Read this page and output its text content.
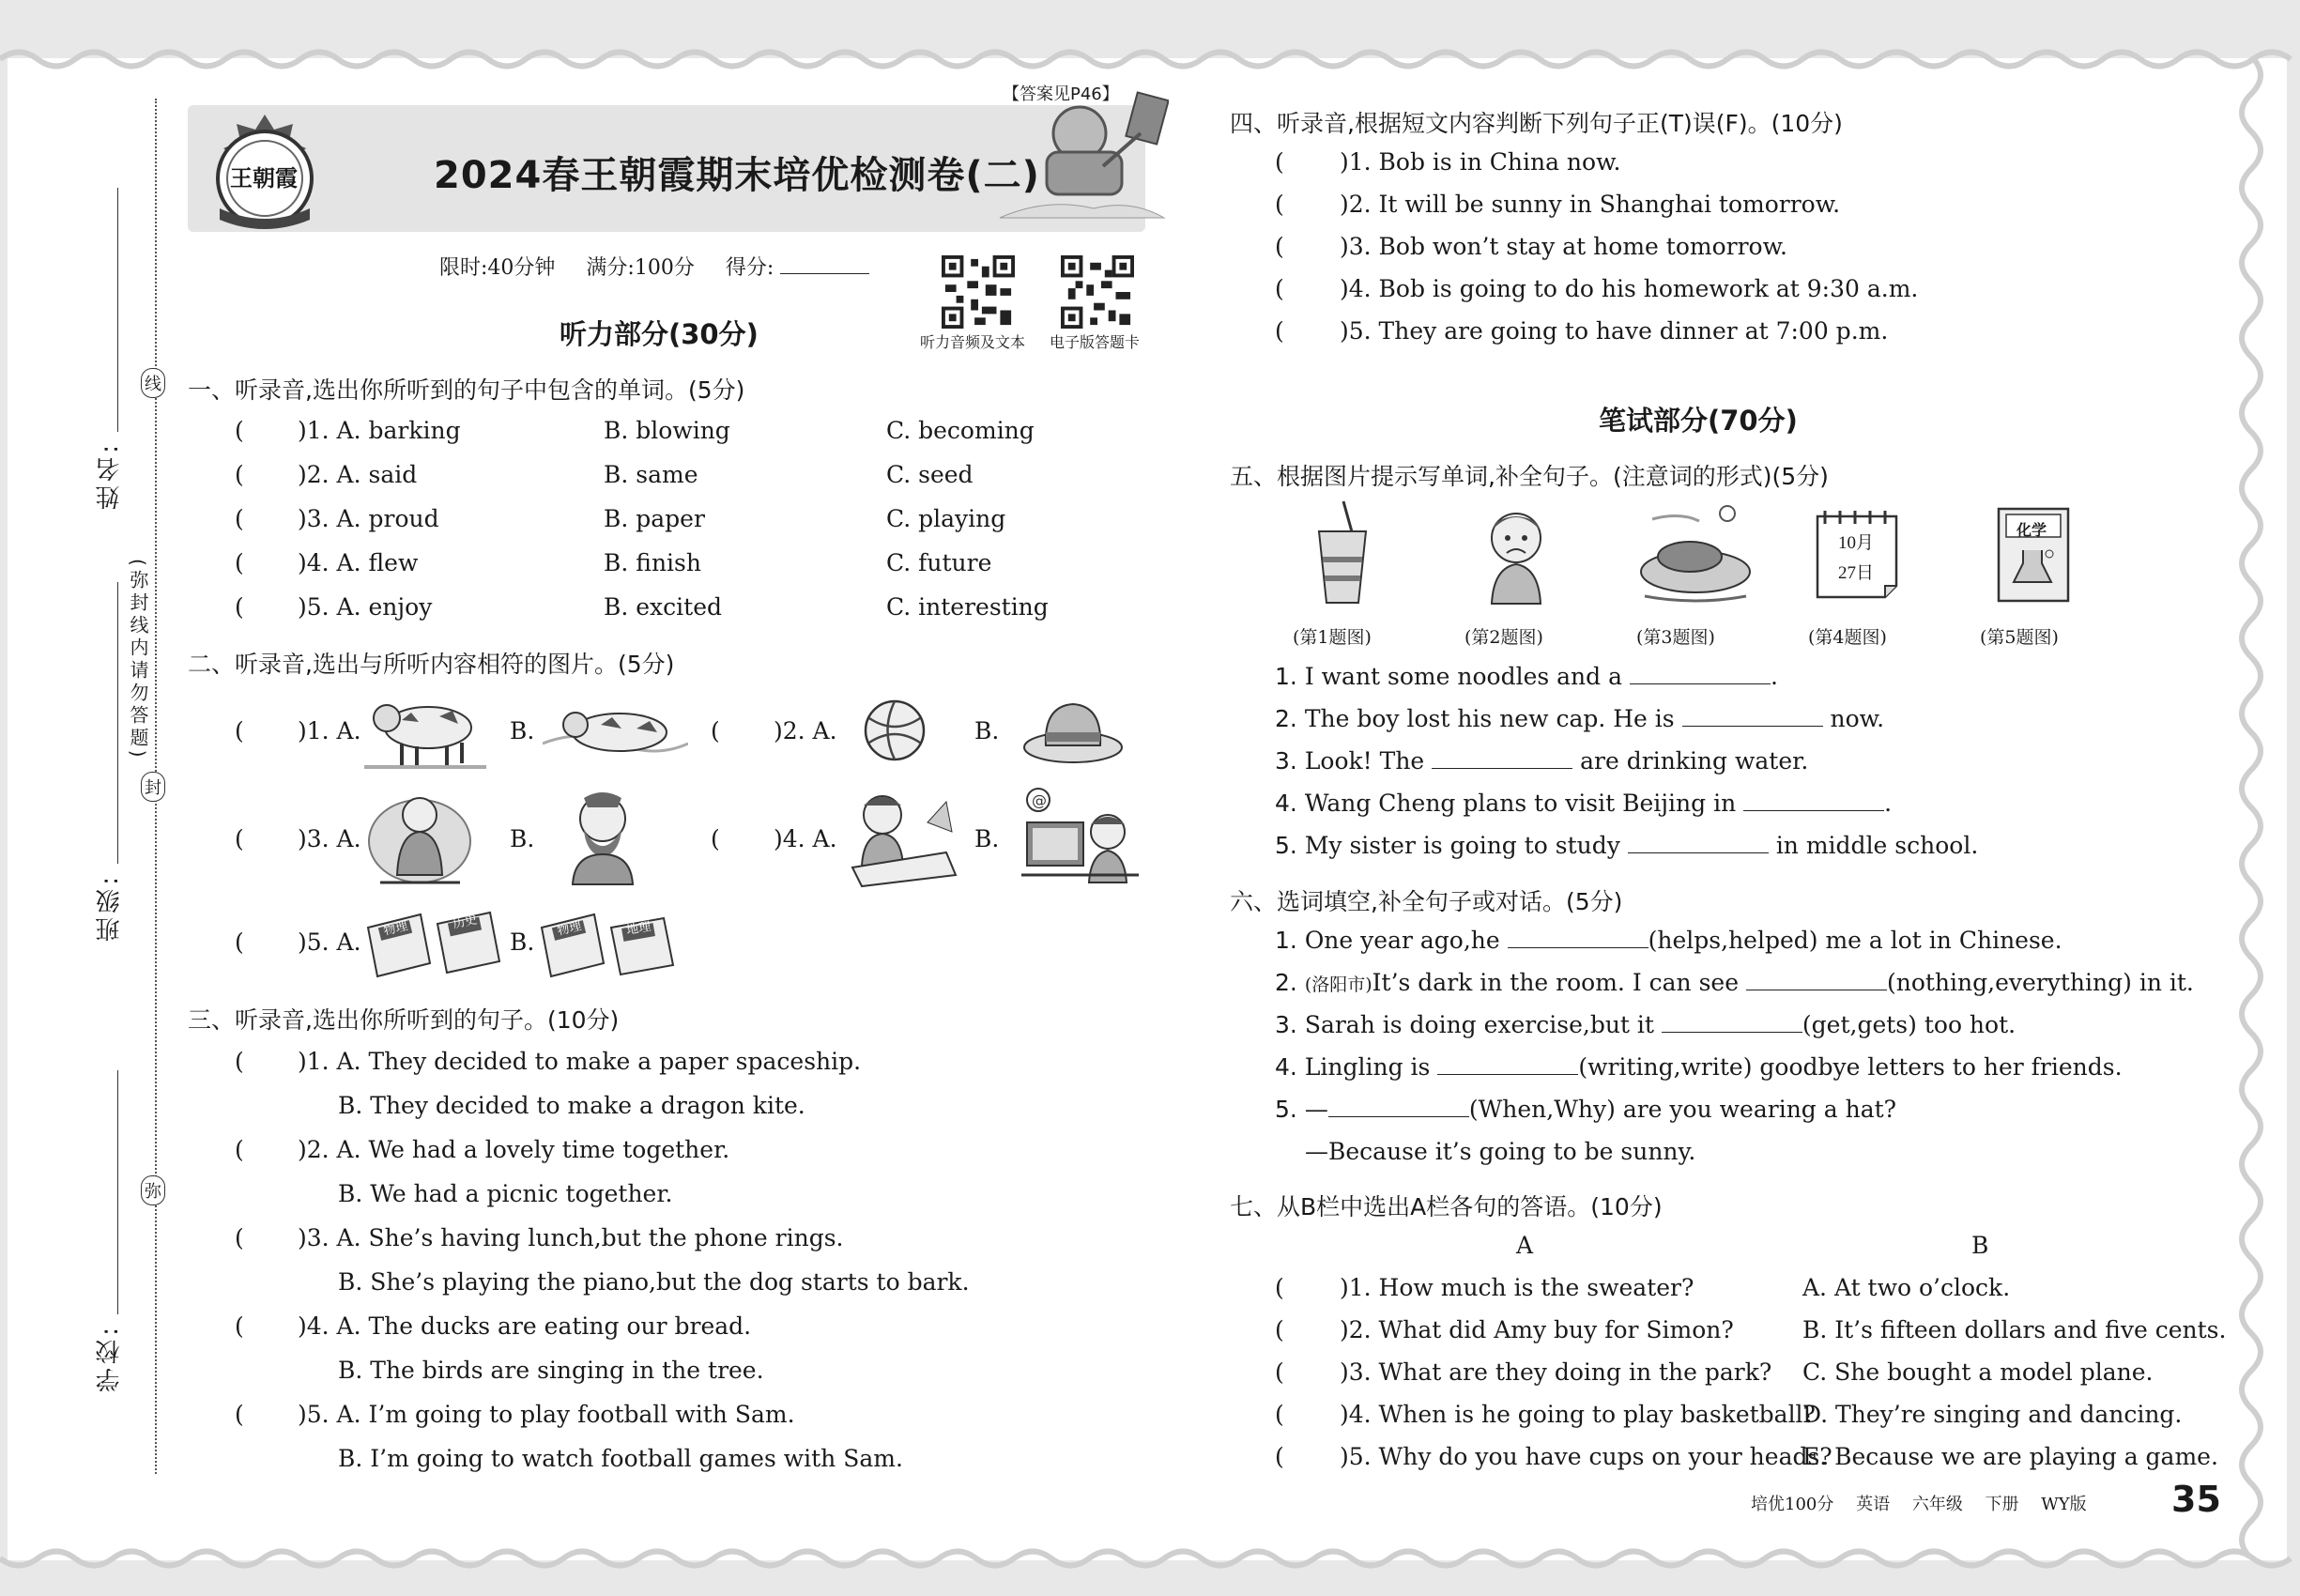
线
封
弥
(弥封线内请勿答题)
姓名:
班级:
学校:
【答案见P46】
王朝霞	2024春王朝霞期末培优检测卷(二)
限时:40分钟 满分:100分 得分:
听力音频及文本 电子版答题卡
听力部分(30分)
一、听录音,选出你所听到的句子中包含的单词。(5分)
( )1. A. barking	B. blowing	C. becoming
( )2. A. said	B. same	C. seed
( )3. A. proud	B. paper	C. playing
( )4. A. flew	B. finish	C. future
( )5. A. enjoy	B. excited	C. interesting
二、听录音,选出与所听内容相符的图片。(5分)
( )1. A.	B.	( )2. A.	B.
( )3. A.	B.	( )4. A.	B.
@
( )5. A. 物理	历史
B. 物理	地理
三、听录音,选出你所听到的句子。(10分)
( )1. A. They decided to make a paper spaceship.
B. They decided to make a dragon kite.
( )2. A. We had a lovely time together.
B. We had a picnic together.
( )3. A. She’s having lunch,but the phone rings.
B. She’s playing the piano,but the dog starts to bark.
( )4. A. The ducks are eating our bread.
B. The birds are singing in the tree.
( )5. A. I’m going to play football with Sam.
B. I’m going to watch football games with Sam.
四、听录音,根据短文内容判断下列句子正(T)误(F)。(10分)
( )1. Bob is in China now.
( )2. It will be sunny in Shanghai tomorrow.
( )3. Bob won’t stay at home tomorrow.
( )4. Bob is going to do his homework at 9:30 a.m.
( )5. They are going to have dinner at 7:00 p.m.
笔试部分(70分)
五、根据图片提示写单词,补全句子。(注意词的形式)(5分)
10月
27日
化学
(第1题图)	(第2题图)	(第3题图)	(第4题图)	(第5题图)
1. I want some noodles and a	.
2. The boy lost his new cap. He is	now.
3. Look! The	are drinking water.
4. Wang Cheng plans to visit Beijing in	.
5. My sister is going to study	in middle school.
六、选词填空,补全句子或对话。(5分)
1. One year ago,he	(helps,helped) me a lot in Chinese.
2. (洛阳市)It’s dark in the room. I can see	(nothing,everything) in it.
3. Sarah is doing exercise,but it	(get,gets) too hot.
4. Lingling is	(writing,write) goodbye letters to her friends.
5. —	(When,Why) are you wearing a hat?
—Because it’s going to be sunny.
七、从B栏中选出A栏各句的答语。(10分)
A	B
( )1. How much is the sweater?	A. At two o’clock.
( )2. What did Amy buy for Simon?	B. It’s fifteen dollars and five cents.
( )3. What are they doing in the park? C. She bought a model plane.
( )4. When is he going to play basketball?
D. They’re singing and dancing.
( )5. Why do you have cups on your heads?
E. Because we are playing a game.
培优100分 英语 六年级 下册 WY版 35
